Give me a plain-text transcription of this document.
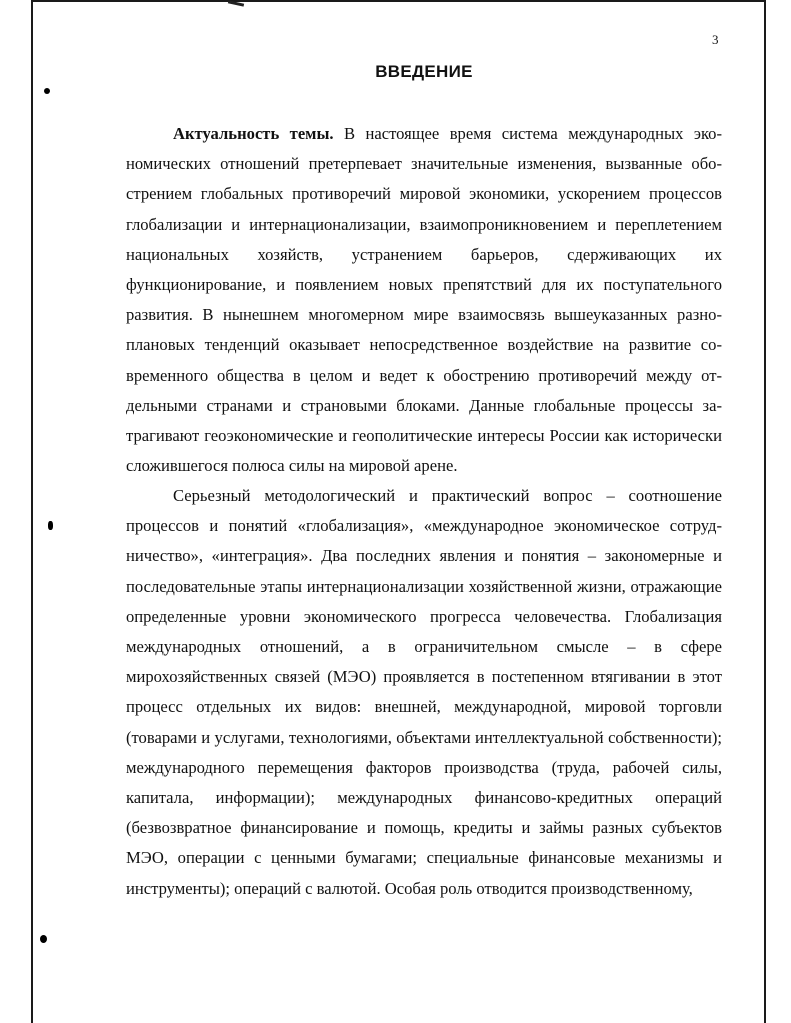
3
ВВЕДЕНИЕ

Актуальность темы. В настоящее время система международных экономических отношений претерпевает значительные изменения, вызванные обострением глобальных противоречий мировой экономики, ускорением процессов глобализации и интернационализации, взаимопроникновением и переплетением национальных хозяйств, устранением барьеров, сдерживающих их функционирование, и появлением новых препятствий для их поступательного развития. В нынешнем многомерном мире взаимосвязь вышеуказанных разноплановых тенденций оказывает непосредственное воздействие на развитие современного общества в целом и ведет к обострению противоречий между отдельными странами и страновыми блоками. Данные глобальные процессы затрагивают геоэкономические и геополитические интересы России как исторически сложившегося полюса силы на мировой арене.

Серьезный методологический и практический вопрос – соотношение процессов и понятий «глобализация», «международное экономическое сотрудничество», «интеграция». Два последних явления и понятия – закономерные и последовательные этапы интернационализации хозяйственной жизни, отражающие определенные уровни экономического прогресса человечества. Глобализация международных отношений, а в ограничительном смысле – в сфере мирохозяйственных связей (МЭО) проявляется в постепенном втягивании в этот процесс отдельных их видов: внешней, международной, мировой торговли (товарами и услугами, технологиями, объектами интеллектуальной собственности); международного перемещения факторов производства (труда, рабочей силы, капитала, информации); международных финансово-кредитных операций (безвозвратное финансирование и помощь, кредиты и займы разных субъектов МЭО, операции с ценными бумагами; специальные финансовые механизмы и инструменты); операций с валютой. Особая роль отводится производственному,
